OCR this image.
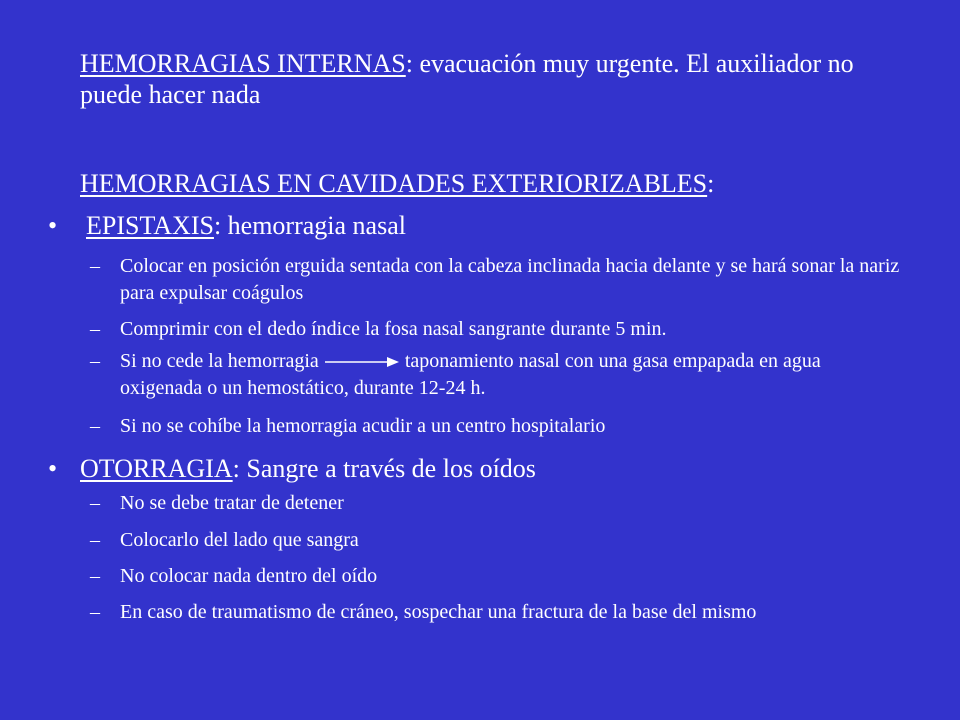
HEMORRAGIAS INTERNAS: evacuación muy urgente. El auxiliador no puede hacer nada
HEMORRAGIAS EN CAVIDADES EXTERIORIZABLES:
• EPISTAXIS: hemorragia nasal
– Colocar en posición erguida sentada con la cabeza inclinada hacia delante y se hará sonar la nariz para expulsar coágulos
– Comprimir con el dedo índice la fosa nasal sangrante durante 5 min.
– Si no cede la hemorragia	taponamiento nasal con una gasa empapada en agua oxigenada o un hemostático, durante 12-24 h.
– Si no se cohíbe la hemorragia acudir a un centro hospitalario
• OTORRAGIA: Sangre a través de los oídos
– No se debe tratar de detener
– Colocarlo del lado que sangra
– No colocar nada dentro del oído
– En caso de traumatismo de cráneo, sospechar una fractura de la base del mismo
